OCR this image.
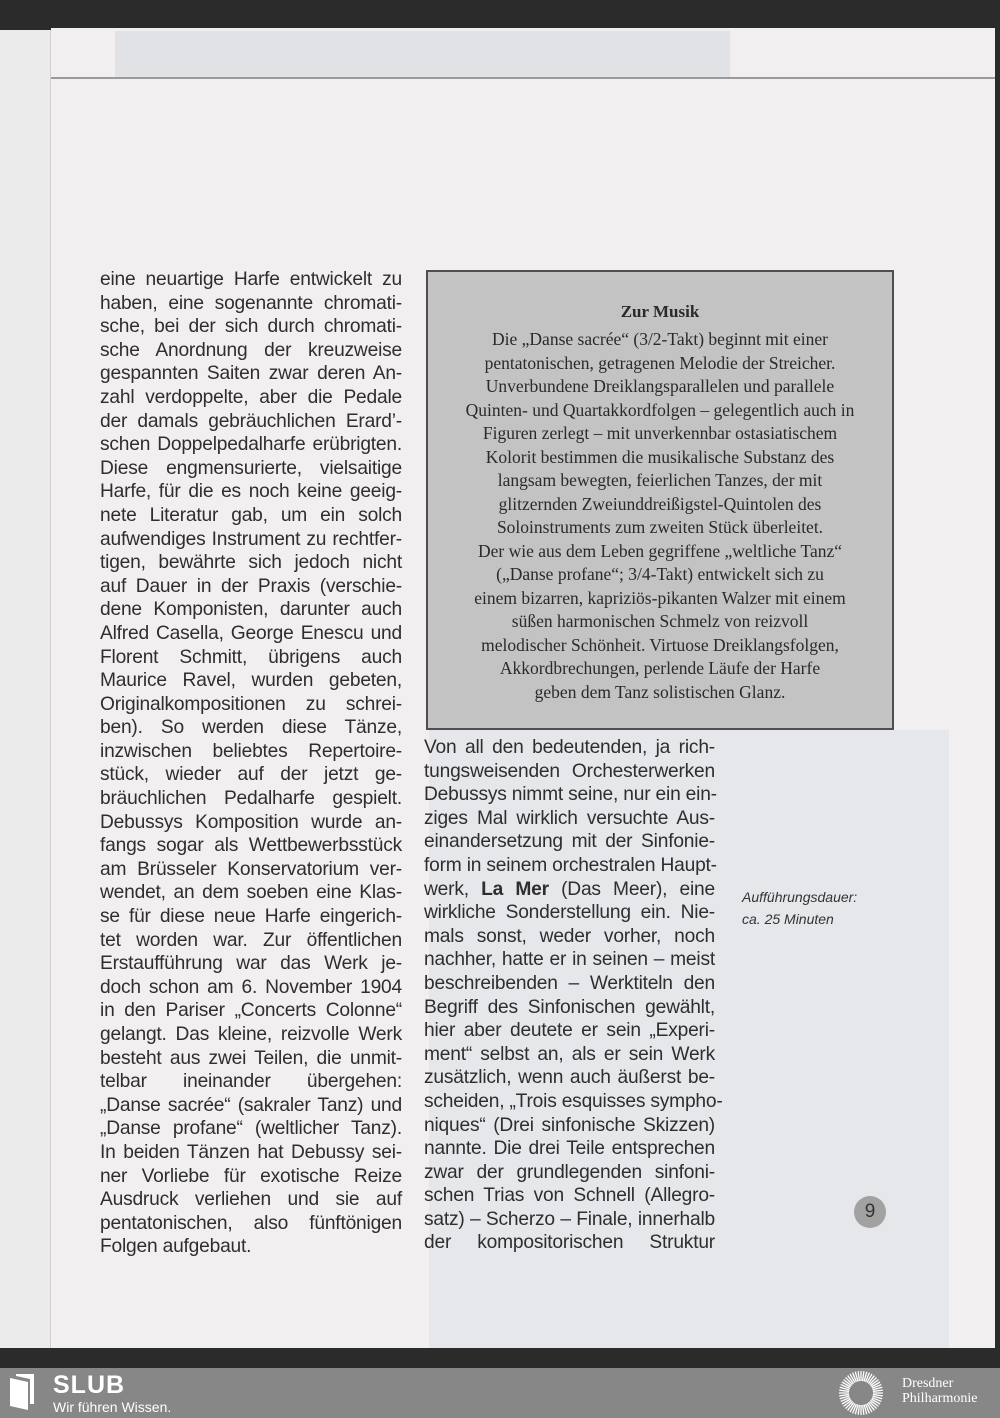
eine neuartige Harfe entwickelt zu
haben, eine sogenannte chromati-
sche, bei der sich durch chromati-
sche Anordnung der kreuzweise
gespannten Saiten zwar deren An-
zahl verdoppelte, aber die Pedale
der damals gebräuchlichen Erard’-
schen Doppelpedalharfe erübrigten.
Diese engmensurierte, vielsaitige
Harfe, für die es noch keine geeig-
nete Literatur gab, um ein solch
aufwendiges Instrument zu rechtfer-
tigen, bewährte sich jedoch nicht
auf Dauer in der Praxis (verschie-
dene Komponisten, darunter auch
Alfred Casella, George Enescu und
Florent Schmitt, übrigens auch
Maurice Ravel, wurden gebeten,
Originalkompositionen zu schrei-
ben). So werden diese Tänze,
inzwischen beliebtes Repertoire-
stück, wieder auf der jetzt ge-
bräuchlichen Pedalharfe gespielt.
Debussys Komposition wurde an-
fangs sogar als Wettbewerbsstück
am Brüsseler Konservatorium ver-
wendet, an dem soeben eine Klas-
se für diese neue Harfe eingerich-
tet worden war. Zur öffentlichen
Erstaufführung war das Werk je-
doch schon am 6. November 1904
in den Pariser „Concerts Colonne“
gelangt. Das kleine, reizvolle Werk
besteht aus zwei Teilen, die unmit-
telbar ineinander übergehen:
„Danse sacrée“ (sakraler Tanz) und
„Danse profane“ (weltlicher Tanz).
In beiden Tänzen hat Debussy sei-
ner Vorliebe für exotische Reize
Ausdruck verliehen und sie auf
pentatonischen, also fünftönigen
Folgen aufgebaut.
Zur Musik
Die „Danse sacrée“ (3/2-Takt) beginnt mit einer
pentatonischen, getragenen Melodie der Streicher.
Unverbundene Dreiklangsparallelen und parallele
Quinten- und Quartakkordfolgen – gelegentlich auch in
Figuren zerlegt – mit unverkennbar ostasiatischem
Kolorit bestimmen die musikalische Substanz des
langsam bewegten, feierlichen Tanzes, der mit
glitzernden Zweiunddreißigstel-Quintolen des
Soloinstruments zum zweiten Stück überleitet.
Der wie aus dem Leben gegriffene „weltliche Tanz“
(„Danse profane“; 3/4-Takt) entwickelt sich zu
einem bizarren, kapriziös-pikanten Walzer mit einem
süßen harmonischen Schmelz von reizvoll
melodischer Schönheit. Virtuose Dreiklangsfolgen,
Akkordbrechungen, perlende Läufe der Harfe
geben dem Tanz solistischen Glanz.
Von all den bedeutenden, ja rich-
tungsweisenden Orchesterwerken
Debussys nimmt seine, nur ein ein-
ziges Mal wirklich versuchte Aus-
einandersetzung mit der Sinfonie-
form in seinem orchestralen Haupt-
werk, La Mer (Das Meer), eine
wirkliche Sonderstellung ein. Nie-
mals sonst, weder vorher, noch
nachher, hatte er in seinen – meist
beschreibenden – Werktiteln den
Begriff des Sinfonischen gewählt,
hier aber deutete er sein „Experi-
ment“ selbst an, als er sein Werk
zusätzlich, wenn auch äußerst be-
scheiden, „Trois esquisses sympho-
niques“ (Drei sinfonische Skizzen)
nannte. Die drei Teile entsprechen
zwar der grundlegenden sinfoni-
schen Trias von Schnell (Allegro-
satz) – Scherzo – Finale, innerhalb
der kompositorischen Struktur
Aufführungsdauer:
ca. 25 Minuten
9
SLUB
Wir führen Wissen.
Dresdner
Philharmonie
